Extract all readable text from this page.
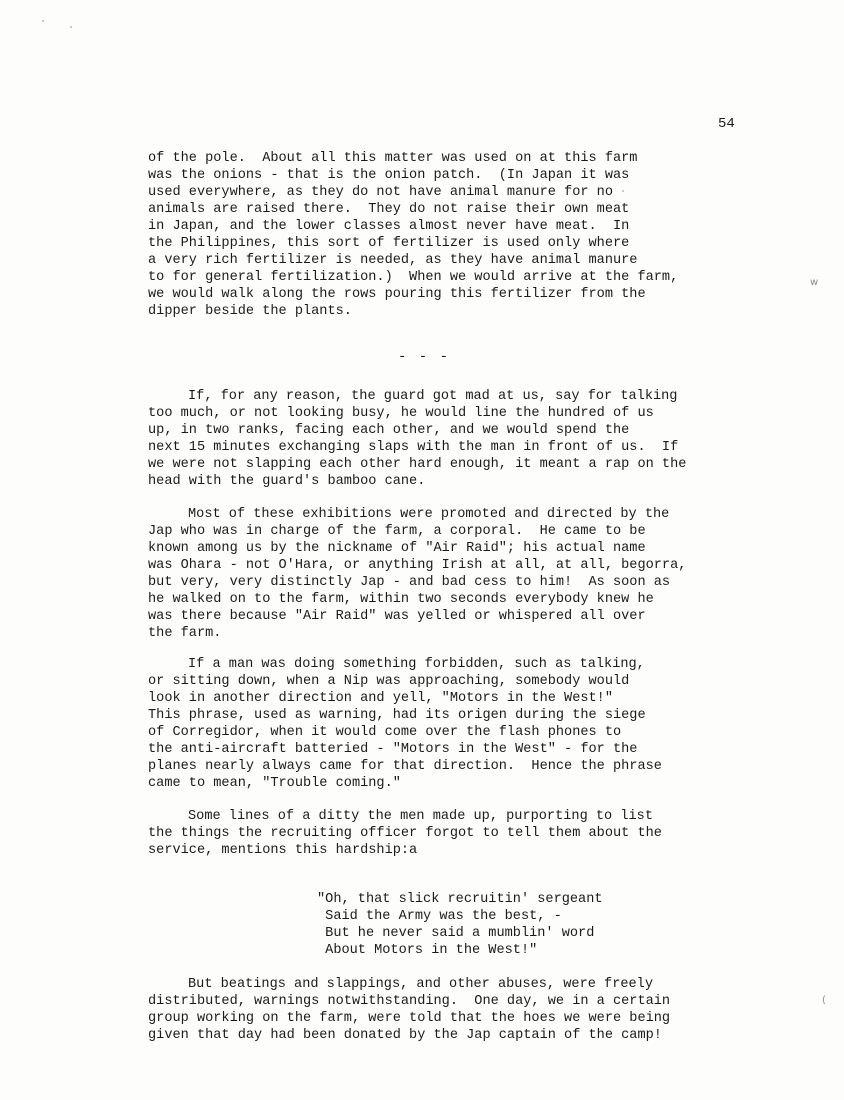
54
of the pole.  About all this matter was used on at this farm
was the onions - that is the onion patch.  (In Japan it was
used everywhere, as they do not have animal manure for no
animals are raised there.  They do not raise their own meat
in Japan, and the lower classes almost never have meat.  In
the Philippines, this sort of fertilizer is used only where
a very rich fertilizer is needed, as they have animal manure
to for general fertilization.)  When we would arrive at the farm,
we would walk along the rows pouring this fertilizer from the
dipper beside the plants.
- - -
If, for any reason, the guard got mad at us, say for talking
too much, or not looking busy, he would line the hundred of us
up, in two ranks, facing each other, and we would spend the
next 15 minutes exchanging slaps with the man in front of us.  If
we were not slapping each other hard enough, it meant a rap on the
head with the guard's bamboo cane.
Most of these exhibitions were promoted and directed by the
Jap who was in charge of the farm, a corporal.  He came to be
known among us by the nickname of "Air Raid"; his actual name
was Ohara - not O'Hara, or anything Irish at all, at all, begorra,
but very, very distinctly Jap - and bad cess to him!  As soon as
he walked on to the farm, within two seconds everybody knew he
was there because "Air Raid" was yelled or whispered all over
the farm.
If a man was doing something forbidden, such as talking,
or sitting down, when a Nip was approaching, somebody would
look in another direction and yell, "Motors in the West!"
This phrase, used as warning, had its origen during the siege
of Corregidor, when it would come over the flash phones to
the anti-aircraft batteried - "Motors in the West" - for the
planes nearly always came for that direction.  Hence the phrase
came to mean, "Trouble coming."
Some lines of a ditty the men made up, purporting to list
the things the recruiting officer forgot to tell them about the
service, mentions this hardship:a
"Oh, that slick recruitin' sergeant
Said the Army was the best, -
But he never said a mumblin' word
About Motors in the West!"
But beatings and slappings, and other abuses, were freely
distributed, warnings notwithstanding.  One day, we in a certain
group working on the farm, were told that the hoes we were being
given that day had been donated by the Jap captain of the camp!
w
(
